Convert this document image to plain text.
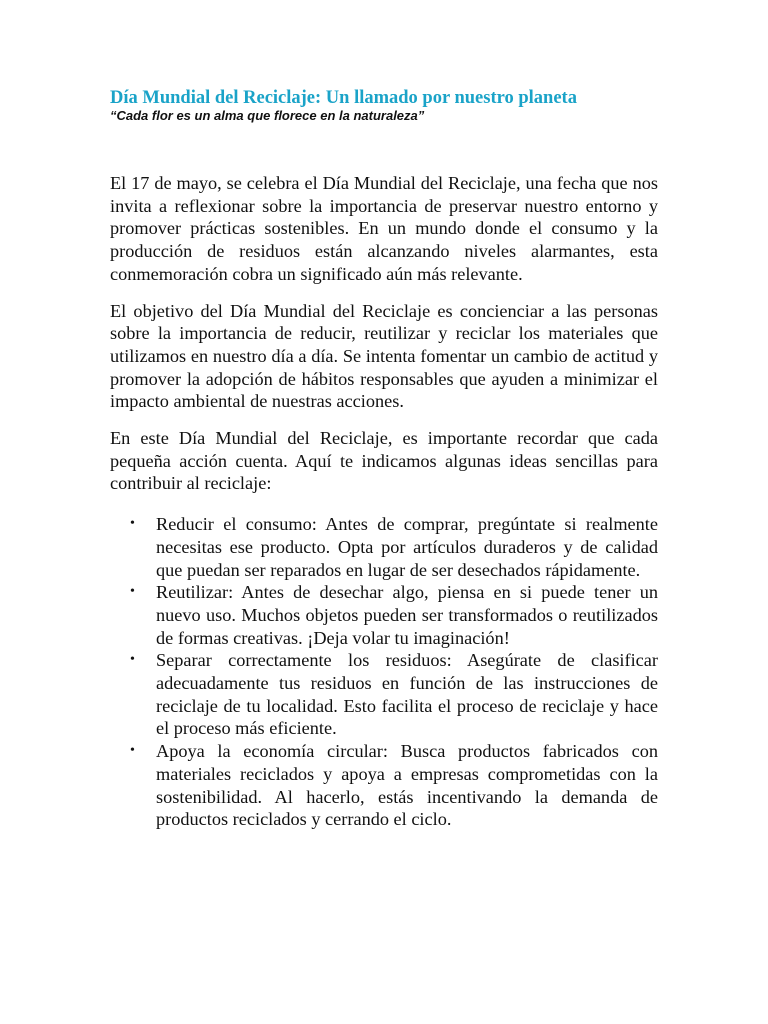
Día Mundial del Reciclaje: Un llamado por nuestro planeta

“Cada flor es un alma que florece en la naturaleza”

El 17 de mayo, se celebra el Día Mundial del Reciclaje, una fecha que nos invita a reflexionar sobre la importancia de preservar nuestro entorno y promover prácticas sostenibles. En un mundo donde el consumo y la producción de residuos están alcanzando niveles alarmantes, esta conmemoración cobra un significado aún más relevante.

El objetivo del Día Mundial del Reciclaje es concienciar a las personas sobre la importancia de reducir, reutilizar y reciclar los materiales que utilizamos en nuestro día a día. Se intenta fomentar un cambio de actitud y promover la adopción de hábitos responsables que ayuden a minimizar el impacto ambiental de nuestras acciones.

En este Día Mundial del Reciclaje, es importante recordar que cada pequeña acción cuenta. Aquí te indicamos algunas ideas sencillas para contribuir al reciclaje:

• Reducir el consumo: Antes de comprar, pregúntate si realmente necesitas ese producto. Opta por artículos duraderos y de calidad que puedan ser reparados en lugar de ser desechados rápidamente.
• Reutilizar: Antes de desechar algo, piensa en si puede tener un nuevo uso. Muchos objetos pueden ser transformados o reutilizados de formas creativas. ¡Deja volar tu imaginación!
• Separar correctamente los residuos: Asegúrate de clasificar adecuadamente tus residuos en función de las instrucciones de reciclaje de tu localidad. Esto facilita el proceso de reciclaje y hace el proceso más eficiente.
• Apoya la economía circular: Busca productos fabricados con materiales reciclados y apoya a empresas comprometidas con la sostenibilidad. Al hacerlo, estás incentivando la demanda de productos reciclados y cerrando el ciclo.
